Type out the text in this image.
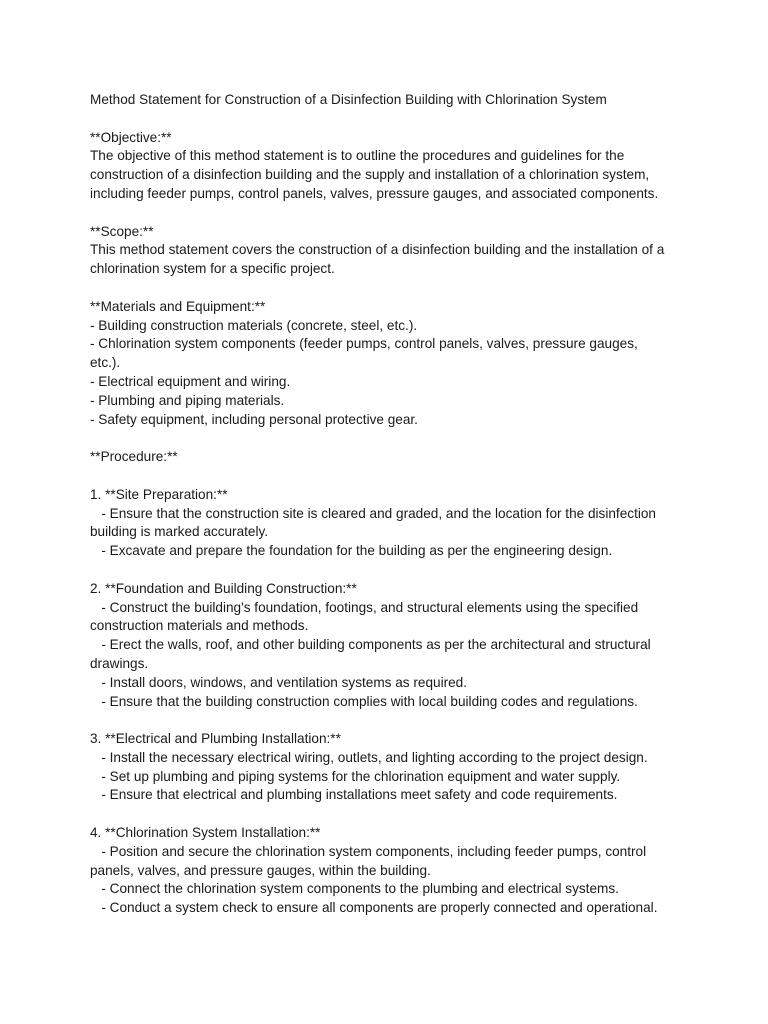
Method Statement for Construction of a Disinfection Building with Chlorination System
**Objective:**
The objective of this method statement is to outline the procedures and guidelines for the
construction of a disinfection building and the supply and installation of a chlorination system,
including feeder pumps, control panels, valves, pressure gauges, and associated components.
**Scope:**
This method statement covers the construction of a disinfection building and the installation of a
chlorination system for a specific project.
**Materials and Equipment:**
- Building construction materials (concrete, steel, etc.).
- Chlorination system components (feeder pumps, control panels, valves, pressure gauges,
etc.).
- Electrical equipment and wiring.
- Plumbing and piping materials.
- Safety equipment, including personal protective gear.
**Procedure:**
1. **Site Preparation:**
- Ensure that the construction site is cleared and graded, and the location for the disinfection
building is marked accurately.
- Excavate and prepare the foundation for the building as per the engineering design.
2. **Foundation and Building Construction:**
- Construct the building's foundation, footings, and structural elements using the specified
construction materials and methods.
- Erect the walls, roof, and other building components as per the architectural and structural
drawings.
- Install doors, windows, and ventilation systems as required.
- Ensure that the building construction complies with local building codes and regulations.
3. **Electrical and Plumbing Installation:**
- Install the necessary electrical wiring, outlets, and lighting according to the project design.
- Set up plumbing and piping systems for the chlorination equipment and water supply.
- Ensure that electrical and plumbing installations meet safety and code requirements.
4. **Chlorination System Installation:**
- Position and secure the chlorination system components, including feeder pumps, control
panels, valves, and pressure gauges, within the building.
- Connect the chlorination system components to the plumbing and electrical systems.
- Conduct a system check to ensure all components are properly connected and operational.
